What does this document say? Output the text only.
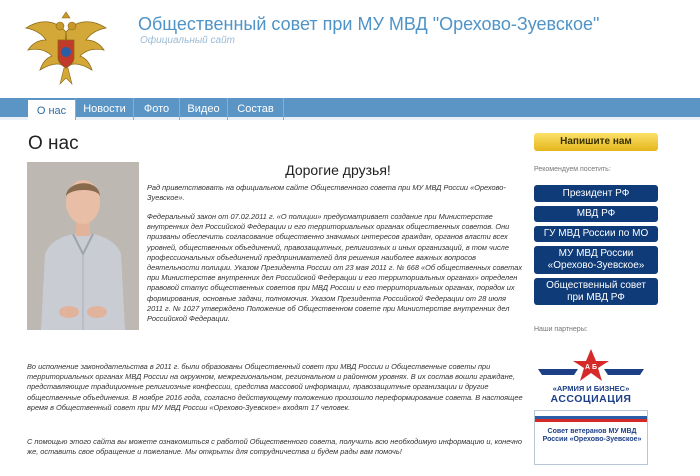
Общественный совет при МУ МВД "Орехово-Зуевское"
Официальный сайт
О нас	Новости	Фото	Видео	Состав
О нас
Дорогие друзья!

Рад приветствовать на официальном сайте Общественного совета при МУ МВД России «Орехово-Зуевское».

Федеральный закон от 07.02.2011 г. «О полиции» предусматривает создание при Министерстве внутренних дел Российской Федерации и его территориальных органах общественных советов. Они призваны обеспечить согласование общественно значимых интересов граждан, органов власти всех уровней, общественных объединений, правозащитных, религиозных и иных организаций, в том числе профессиональных объединений предпринимателей для решения наиболее важных вопросов деятельности полиции. Указом Президента России от 23 мая 2011 г. № 668 «Об общественных советах при Министерстве внутренних дел Российской Федерации и его территориальных органах» определен правовой статус общественных советов при МВД России и его территориальных органах, порядок их формирования, основные задачи, полномочия. Указом Президента Российской Федерации от 28 июля 2011 г. № 1027 утверждено Положение об Общественном совете при Министерстве внутренних дел Российской Федерации.

Во исполнение законодательства в 2011 г. были образованы Общественный совет при МВД России и Общественные советы при территориальных органах МВД России на окружном, межрегиональном, региональном и районном уровнях. В их состав вошли граждане, представляющие традиционные религиозные конфессии, средства массовой информации, правозащитные организации и другие общественные объединения. В ноябре 2016 года, согласно действующему положению произошло переформирование совета. В настоящее время в Общественный совет при МУ МВД России «Орехово-Зуевское» входят 17 человек.

С помощью этого сайта вы можете ознакомиться с работой Общественного совета, получить всю необходимую информацию и, конечно же, оставить свое обращение и пожелание. Мы открыты для сотрудничества и будем рады вам помочь!

Напишите нам
Рекомендуем посетить:
Президент РФ
МВД РФ
ГУ МВД России по МО
МУ МВД России «Орехово-Зуевское»
Общественный совет при МВД РФ
Наши партнеры:
А Б
«АРМИЯ И БИЗНЕС»
АССОЦИАЦИЯ
Совет ветеранов МУ МВД России «Орехово-Зуевское»
